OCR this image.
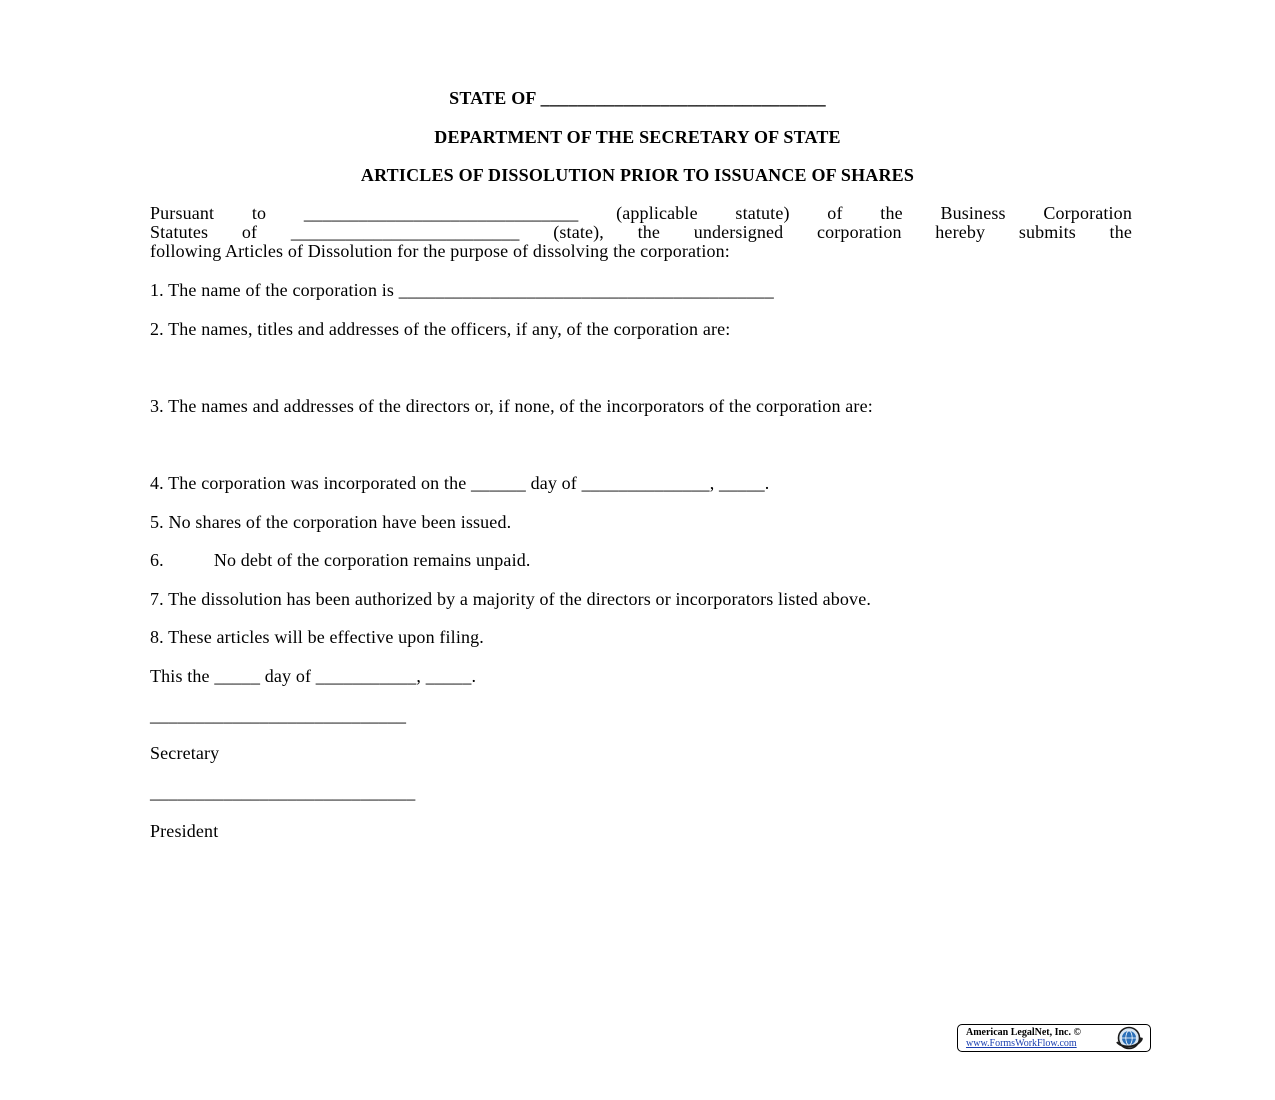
STATE OF _______________________________
DEPARTMENT OF THE SECRETARY OF STATE
ARTICLES OF DISSOLUTION PRIOR TO ISSUANCE OF SHARES
Pursuant to ______________________________ (applicable statute) of the Business Corporation
Statutes of _________________________ (state), the undersigned corporation hereby submits the
following Articles of Dissolution for the purpose of dissolving the corporation:
1. The name of the corporation is _________________________________________
2. The names, titles and addresses of the officers, if any, of the corporation are:
3. The names and addresses of the directors or, if none, of the incorporators of the corporation are:
4. The corporation was incorporated on the ______ day of ______________, _____.
5. No shares of the corporation have been issued.
6.	No debt of the corporation remains unpaid.
7. The dissolution has been authorized by a majority of the directors or incorporators listed above.
8. These articles will be effective upon filing.
This the _____ day of ___________, _____.
____________________________
Secretary
_____________________________
President
American LegalNet, Inc. ©
www.FormsWorkFlow.com
